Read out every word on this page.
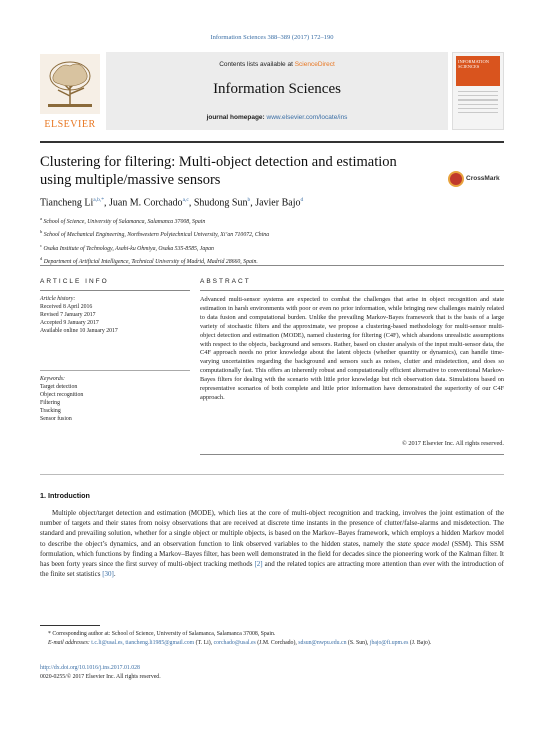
Information Sciences 388–389 (2017) 172–190
ELSEVIER
Contents lists available at ScienceDirect
Information Sciences
journal homepage: www.elsevier.com/locate/ins
INFORMATION SCIENCES
Clustering for filtering: Multi-object detection and estimation using multiple/massive sensors	CrossMark
Tiancheng $Li^{a,b,*}$, Juan M. Corchado$^{a,c}$, Shudong Sun$^b$, Javier Bajo$^d$
$^a$ School of Science, University of Salamanca, Salamanca 37008, Spain
$^b$ School of Mechanical Engineering, Northwestern Polytechnical University, Xi’an 710072, China
$^c$ Osaka Institute of Technology, Asahi-ku Ohmiya, Osaka 535-8585, Japan
$^d$ Department of Artificial Intelligence, Technical University of Madrid, Madrid 28660, Spain.
ARTICLE INFO	ABSTRACT
Article history:
Received 8 April 2016
Revised 7 January 2017
Accepted 9 January 2017
Available online 10 January 2017
Keywords:
Target detection
Object recognition
Filtering
Tracking
Sensor fusion
Advanced multi-sensor systems are expected to combat the challenges that arise in object recognition and state estimation in harsh environments with poor or even no prior information, while bringing new challenges mainly related to data fusion and computational burden. Unlike the prevailing Markov-Bayes framework that is the basis of a large variety of stochastic filters and the approximate, we propose a clustering-based methodology for multi-sensor multi-object detection and estimation (MODE), named clustering for filtering (C4F), which abandons unrealistic assumptions with respect to the objects, background and sensors. Rather, based on cluster analysis of the input multi-sensor data, the C4F approach needs no prior knowledge about the latent objects (whether quantity or dynamics), can handle time-varying uncertainties regarding the background and sensors such as noises, clutter and misdetection, and does so computationally fast. This offers an inherently robust and computationally efficient alternative to conventional Markov-Bayes filters for dealing with the scenario with little prior knowledge but rich observation data. Simulations based on representative scenarios of both complete and little prior information have demonstrated the superiority of our C4F approach.
© 2017 Elsevier Inc. All rights reserved.
1. Introduction
Multiple object/target detection and estimation (MODE), which lies at the core of multi-object recognition and tracking, involves the joint estimation of the number of targets and their states from noisy observations that are received at discrete time instants in the presence of clutter/false-alarms and misdetection. The standard and prevailing solution, whether for a single object or multiple objects, is based on the Markov–Bayes framework, which employs a hidden Markov model to describe the object’s dynamics, and an observation function to link observed variables to the hidden states, namely the state space model (SSM). This SSM formulation, which functions by finding a Markov–Bayes filter, has been well demonstrated in the field for decades since the pioneering work of the Kalman filter. It has been forty years since the first survey of multi-object tracking methods [2] and the related topics are attracting more attention than ever with the introduction of the finite set statistics [30].
* Corresponding author at: School of Science, University of Salamanca, Salamanca 37008, Spain.
E-mail addresses: t.c.li@usal.es, tiancheng.li1985@gmail.com (T. Li), corchado@usal.es (J.M. Corchado), sdsun@nwpu.edu.cn (S. Sun), jbajo@fi.upm.es (J. Bajo).
http://dx.doi.org/10.1016/j.ins.2017.01.028
0020-0255/© 2017 Elsevier Inc. All rights reserved.
